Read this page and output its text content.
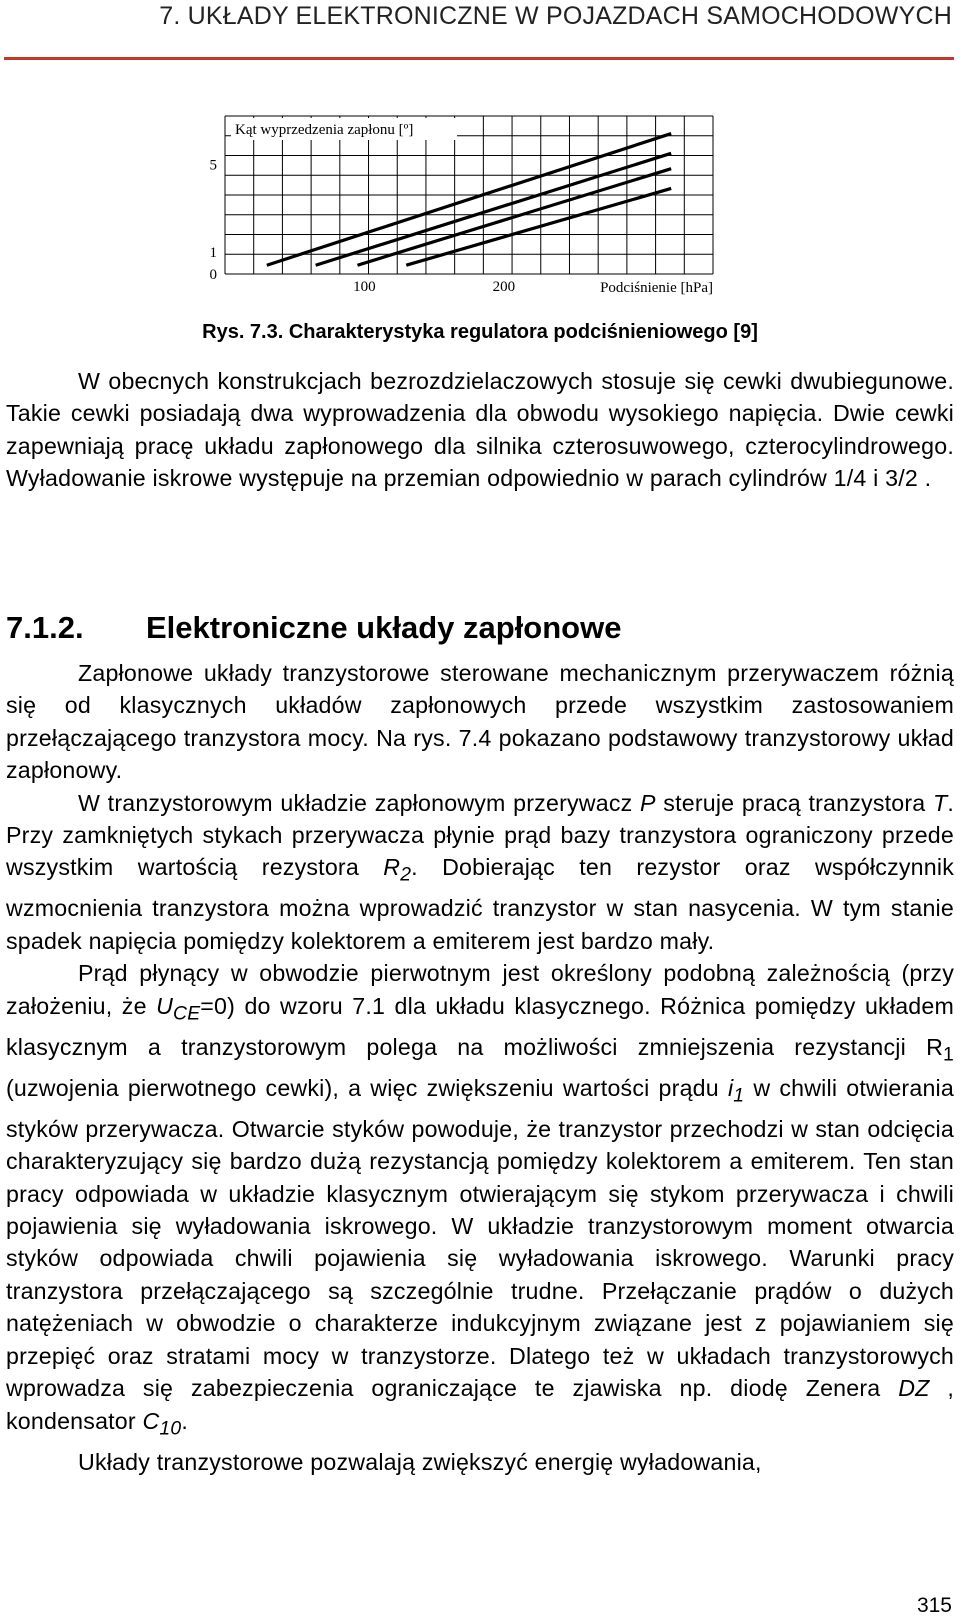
7. UKŁADY ELEKTRONICZNE W POJAZDACH SAMOCHODOWYCH
100	200
0
1
5
Kąt wyprzedzenia zapłonu [º]
Podciśnienie [hPa]
Rys. 7.3. Charakterystyka regulatora podciśnieniowego [9]

W obecnych konstrukcjach bezrozdzielaczowych stosuje się cewki dwubiegunowe. Takie cewki posiadają dwa wyprowadzenia dla obwodu wysokiego napięcia. Dwie cewki zapewniają pracę układu zapłonowego dla silnika czterosuwowego, czterocylindrowego. Wyładowanie iskrowe występuje na przemian odpowiednio w parach cylindrów 1/4 i 3/2 .

7.1.2. Elektroniczne układy zapłonowe

Zapłonowe układy tranzystorowe sterowane mechanicznym przerywaczem różnią się od klasycznych układów zapłonowych przede wszystkim zastosowaniem przełączającego tranzystora mocy. Na rys. 7.4 pokazano podstawowy tranzystorowy układ zapłonowy.

W tranzystorowym układzie zapłonowym przerywacz P steruje pracą tranzystora T. Przy zamkniętych stykach przerywacza płynie prąd bazy tranzystora ograniczony przede wszystkim wartością rezystora $R_2$. Dobierając ten rezystor oraz współczynnik wzmocnienia tranzystora można wprowadzić tranzystor w stan nasycenia. W tym stanie spadek napięcia pomiędzy kolektorem a emiterem jest bardzo mały.

Prąd płynący w obwodzie pierwotnym jest określony podobną zależnością (przy założeniu, że $U_{CE}=0$) do wzoru 7.1 dla układu klasycznego. Różnica pomiędzy układem klasycznym a tranzystorowym polega na możliwości zmniejszenia rezystancji $R_1$ (uzwojenia pierwotnego cewki), a więc zwiększeniu wartości prądu $i_1$ w chwili otwierania styków przerywacza. Otwarcie styków powoduje, że tranzystor przechodzi w stan odcięcia charakteryzujący się bardzo dużą rezystancją pomiędzy kolektorem a emiterem. Ten stan pracy odpowiada w układzie klasycznym otwierającym się stykom przerywacza i chwili pojawienia się wyładowania iskrowego. W układzie tranzystorowym moment otwarcia styków odpowiada chwili pojawienia się wyładowania iskrowego. Warunki pracy tranzystora przełączającego są szczególnie trudne. Przełączanie prądów o dużych natężeniach w obwodzie o charakterze indukcyjnym związane jest z pojawianiem się przepięć oraz stratami mocy w tranzystorze. Dlatego też w układach tranzystorowych wprowadza się zabezpieczenia ograniczające te zjawiska np. diodę Zenera DZ , kondensator $C_{10}$.

Układy tranzystorowe pozwalają zwiększyć energię wyładowania,

315
